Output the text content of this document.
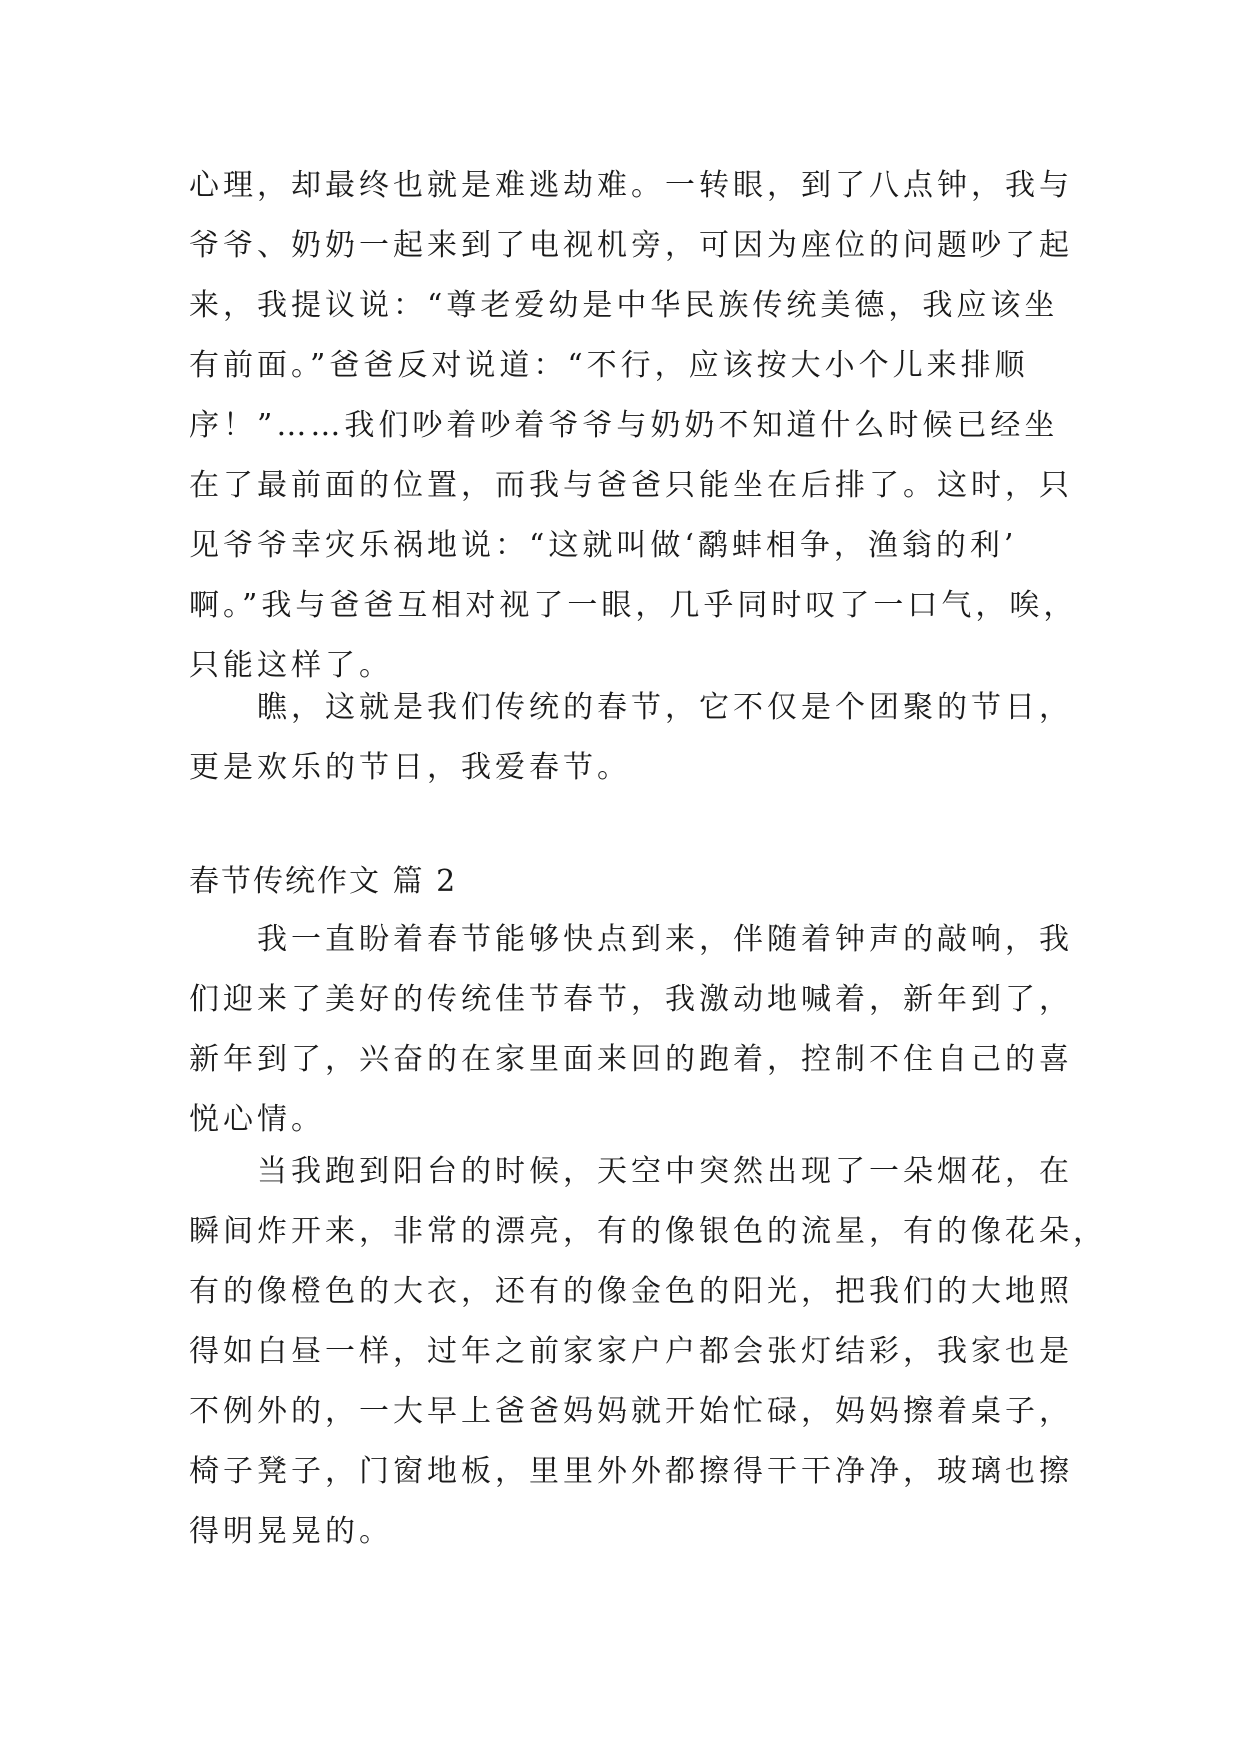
心理，却最终也就是难逃劫难。一转眼，到了八点钟，我与
爷爷、奶奶一起来到了电视机旁，可因为座位的问题吵了起
来，我提议说：“尊老爱幼是中华民族传统美德，我应该坐
有前面。”爸爸反对说道：“不行，应该按大小个儿来排顺
序！”……我们吵着吵着爷爷与奶奶不知道什么时候已经坐
在了最前面的位置，而我与爸爸只能坐在后排了。这时，只
见爷爷幸灾乐祸地说：“这就叫做‘鹬蚌相争，渔翁的利’
啊。”我与爸爸互相对视了一眼，几乎同时叹了一口气，唉，
只能这样了。
瞧，这就是我们传统的春节，它不仅是个团聚的节日，
更是欢乐的节日，我爱春节。
春节传统作文 篇 2
我一直盼着春节能够快点到来，伴随着钟声的敲响，我
们迎来了美好的传统佳节春节，我激动地喊着，新年到了，
新年到了，兴奋的在家里面来回的跑着，控制不住自己的喜
悦心情。
当我跑到阳台的时候，天空中突然出现了一朵烟花，在
瞬间炸开来，非常的漂亮，有的像银色的流星，有的像花朵，
有的像橙色的大衣，还有的像金色的阳光，把我们的大地照
得如白昼一样，过年之前家家户户都会张灯结彩，我家也是
不例外的，一大早上爸爸妈妈就开始忙碌，妈妈擦着桌子，
椅子凳子，门窗地板，里里外外都擦得干干净净，玻璃也擦
得明晃晃的。
